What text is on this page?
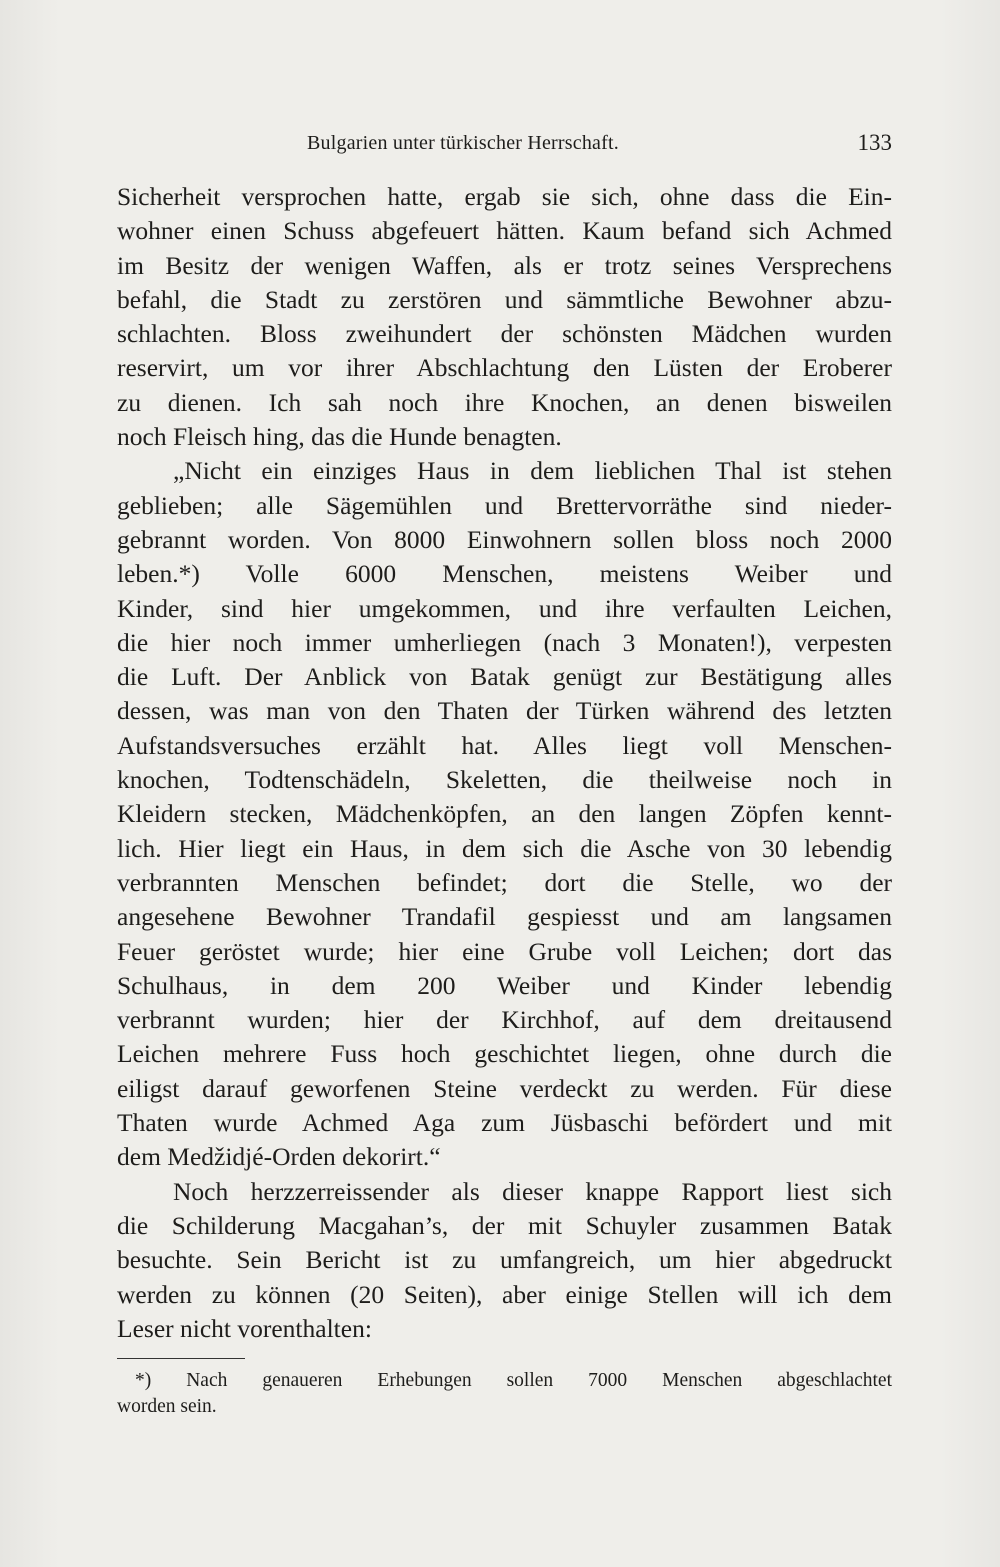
Bulgarien unter türkischer Herrschaft.	133
Sicherheit versprochen hatte, ergab sie sich, ohne dass die Ein-
wohner einen Schuss abgefeuert hätten. Kaum befand sich Achmed
im Besitz der wenigen Waffen, als er trotz seines Versprechens
befahl, die Stadt zu zerstören und sämmtliche Bewohner abzu-
schlachten. Bloss zweihundert der schönsten Mädchen wurden
reservirt, um vor ihrer Abschlachtung den Lüsten der Eroberer
zu dienen. Ich sah noch ihre Knochen, an denen bisweilen
noch Fleisch hing, das die Hunde benagten.
„Nicht ein einziges Haus in dem lieblichen Thal ist stehen
geblieben; alle Sägemühlen und Brettervorräthe sind nieder-
gebrannt worden. Von 8000 Einwohnern sollen bloss noch 2000
leben.*) Volle 6000 Menschen, meistens Weiber und
Kinder, sind hier umgekommen, und ihre verfaulten Leichen,
die hier noch immer umherliegen (nach 3 Monaten!), verpesten
die Luft. Der Anblick von Batak genügt zur Bestätigung alles
dessen, was man von den Thaten der Türken während des letzten
Aufstandsversuches erzählt hat. Alles liegt voll Menschen-
knochen, Todtenschädeln, Skeletten, die theilweise noch in
Kleidern stecken, Mädchenköpfen, an den langen Zöpfen kennt-
lich. Hier liegt ein Haus, in dem sich die Asche von 30 lebendig
verbrannten Menschen befindet; dort die Stelle, wo der
angesehene Bewohner Trandafil gespiesst und am langsamen
Feuer geröstet wurde; hier eine Grube voll Leichen; dort das
Schulhaus, in dem 200 Weiber und Kinder lebendig
verbrannt wurden; hier der Kirchhof, auf dem dreitausend
Leichen mehrere Fuss hoch geschichtet liegen, ohne durch die
eiligst darauf geworfenen Steine verdeckt zu werden. Für diese
Thaten wurde Achmed Aga zum Jüsbaschi befördert und mit
dem Medžidjé-Orden dekorirt.“
Noch herzzerreissender als dieser knappe Rapport liest sich
die Schilderung Macgahan’s, der mit Schuyler zusammen Batak
besuchte. Sein Bericht ist zu umfangreich, um hier abgedruckt
werden zu können (20 Seiten), aber einige Stellen will ich dem
Leser nicht vorenthalten:
*) Nach genaueren Erhebungen sollen 7000 Menschen abgeschlachtet
worden sein.
